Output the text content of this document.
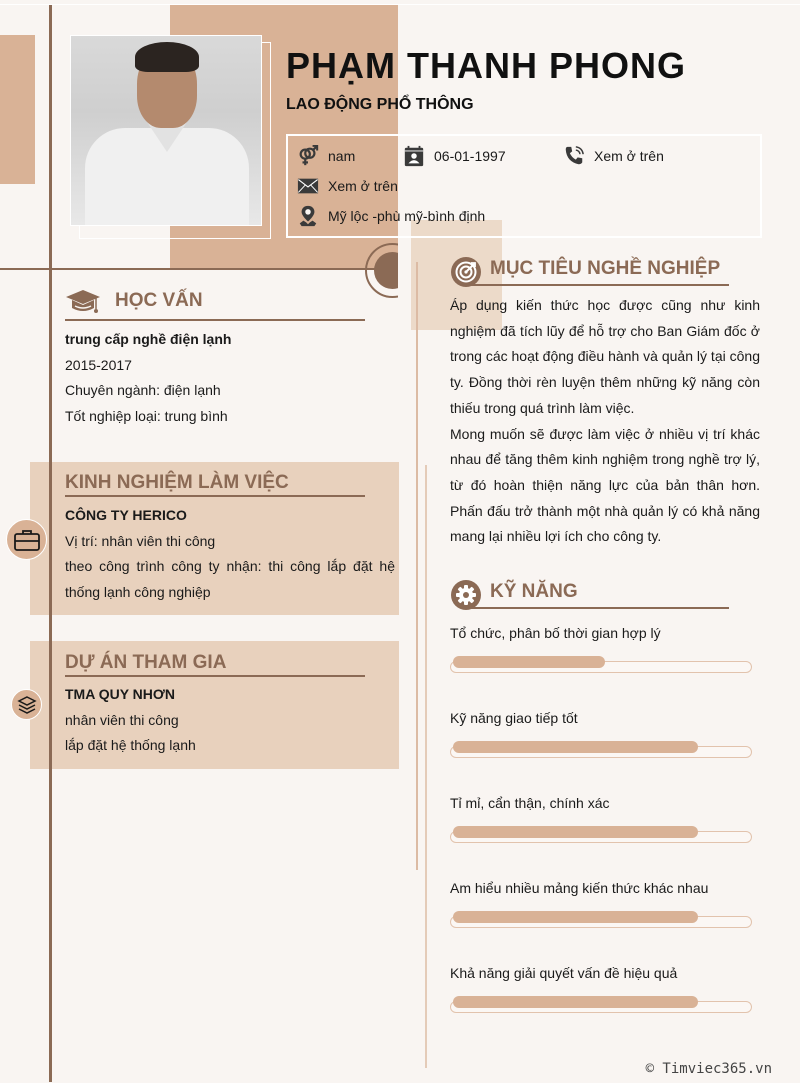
PHẠM THANH PHONG
LAO ĐỘNG PHỔ THÔNG
nam	06-01-1997	Xem ở trên
Xem ở trên
Mỹ lộc -phù mỹ-bình định
HỌC VẤN
trung cấp nghề điện lạnh
2015-2017
Chuyên ngành: điện lạnh
Tốt nghiệp loại: trung bình
KINH NGHIỆM LÀM VIỆC
CÔNG TY HERICO
Vị trí: nhân viên thi công
theo công trình công ty nhận: thi công lắp đặt hệ thống lạnh công nghiệp
DỰ ÁN THAM GIA
TMA QUY NHƠN
nhân viên thi công
lắp đặt hệ thống lạnh
MỤC TIÊU NGHỀ NGHIỆP
Áp dụng kiến thức học được cũng như kinh nghiệm đã tích lũy để hỗ trợ cho Ban Giám đốc ở trong các hoạt động điều hành và quản lý tại công ty. Đồng thời rèn luyện thêm những kỹ năng còn thiếu trong quá trình làm việc.
Mong muốn sẽ được làm việc ở nhiều vị trí khác nhau để tăng thêm kinh nghiệm trong nghề trợ lý, từ đó hoàn thiện năng lực của bản thân hơn. Phấn đấu trở thành một nhà quản lý có khả năng mang lại nhiều lợi ích cho công ty.
KỸ NĂNG
Tổ chức, phân bố thời gian hợp lý
Kỹ năng giao tiếp tốt
Tỉ mỉ, cẩn thận, chính xác
Am hiểu nhiều mảng kiến thức khác nhau
Khả năng giải quyết vấn đề hiệu quả
© Timviec365.vn
